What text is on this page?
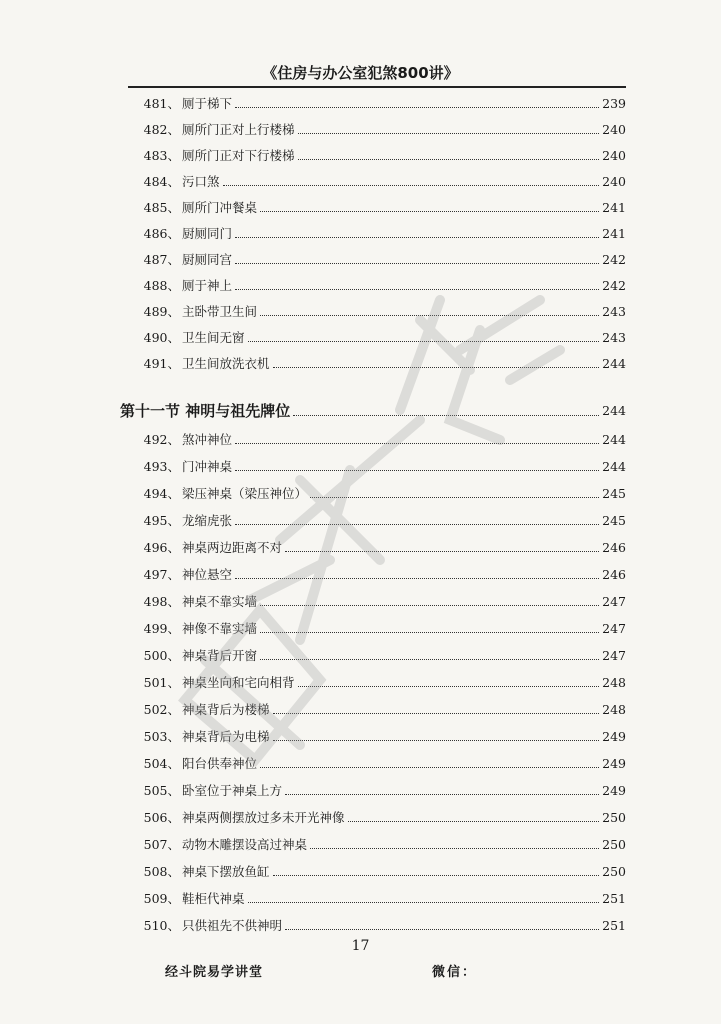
《住房与办公室犯煞800讲》
481、 厕于梯下	239
482、 厕所门正对上行楼梯	240
483、 厕所门正对下行楼梯	240
484、 污口煞	240
485、 厕所门冲餐桌	241
486、 厨厕同门	241
487、 厨厕同宫	242
488、 厕于神上	242
489、 主卧带卫生间	243
490、 卫生间无窗	243
491、 卫生间放洗衣机	244
第十一节 神明与祖先牌位	244
492、 煞冲神位	244
493、 门冲神桌	244
494、 梁压神桌（梁压神位）	245
495、 龙缩虎张	245
496、 神桌两边距离不对	246
497、 神位悬空	246
498、 神桌不靠实墙	247
499、 神像不靠实墙	247
500、 神桌背后开窗	247
501、 神桌坐向和宅向相背	248
502、 神桌背后为楼梯	248
503、 神桌背后为电梯	249
504、 阳台供奉神位	249
505、 卧室位于神桌上方	249
506、 神桌两侧摆放过多未开光神像	250
507、 动物木雕摆设高过神桌	250
508、 神桌下摆放鱼缸	250
509、 鞋柜代神桌	251
510、 只供祖先不供神明	251
17
经斗院易学讲堂	微信：
